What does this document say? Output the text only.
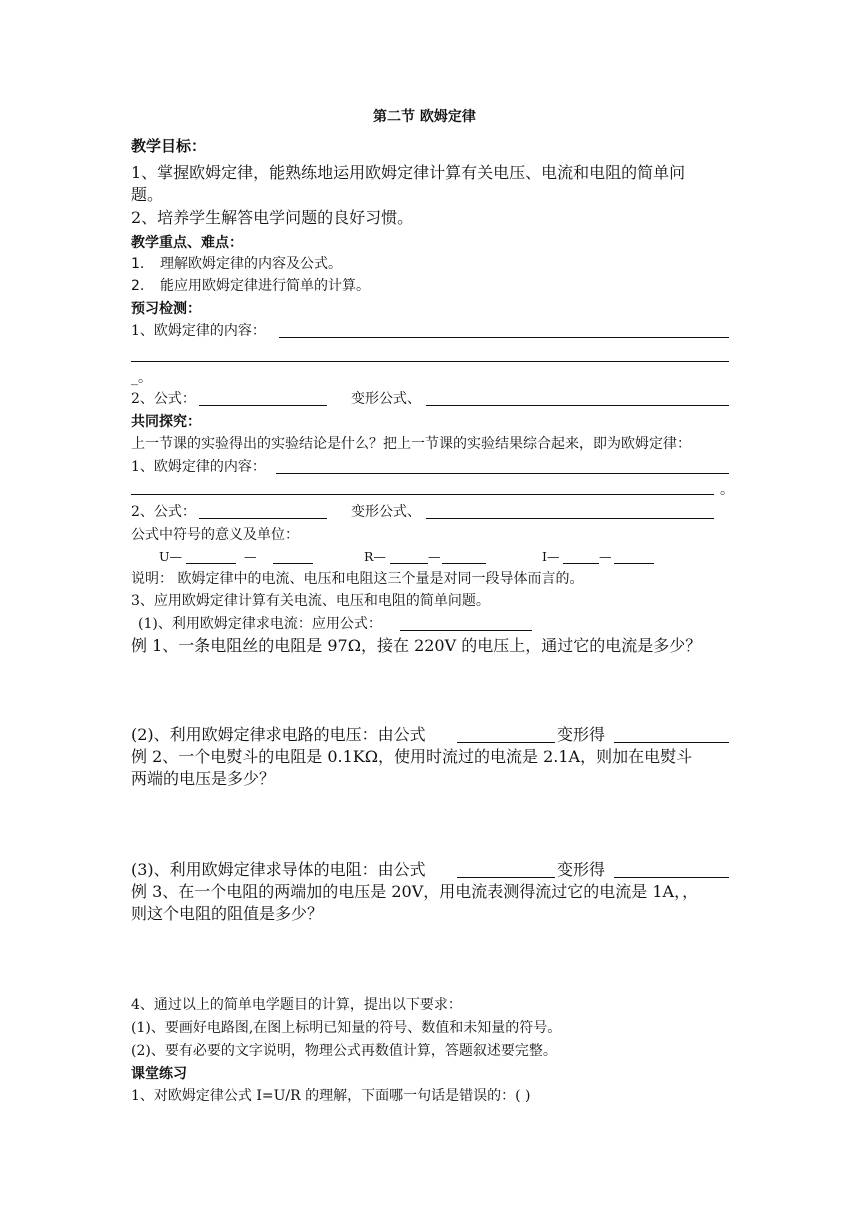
第二节 欧姆定律
教学目标：
1、掌握欧姆定律，能熟练地运用欧姆定律计算有关电压、电流和电阻的简单问
题。
2、培养学生解答电学问题的良好习惯。
教学重点、难点：
1. 理解欧姆定律的内容及公式。
2. 能应用欧姆定律进行简单的计算。
预习检测：
1、欧姆定律的内容：
_。
2、公式：	变形公式、
共同探究：
上一节课的实验得出的实验结论是什么？把上一节课的实验结果综合起来，即为欧姆定律：
1、欧姆定律的内容：
。
2、公式：	变形公式、
公式中符号的意义及单位：
U—	—	R—	—	I—	—
说明： 欧姆定律中的电流、电压和电阻这三个量是对同一段导体而言的。
3、应用欧姆定律计算有关电流、电压和电阻的简单问题。
(1)、利用欧姆定律求电流：应用公式：
例 1、一条电阻丝的电阻是 97Ω，接在 220V 的电压上，通过它的电流是多少？
(2)、利用欧姆定律求电路的电压：由公式	变形得
例 2、一个电熨斗的电阻是 0.1KΩ，使用时流过的电流是 2.1A，则加在电熨斗
两端的电压是多少？
(3)、利用欧姆定律求导体的电阻：由公式	变形得
例 3、在一个电阻的两端加的电压是 20V，用电流表测得流过它的电流是 1A，，
则这个电阻的阻值是多少？
4、通过以上的简单电学题目的计算，提出以下要求：
(1)、要画好电路图,在图上标明已知量的符号、数值和未知量的符号。
(2)、要有必要的文字说明，物理公式再数值计算，答题叙述要完整。
课堂练习
1、对欧姆定律公式 I=U/R 的理解，下面哪一句话是错误的：( )
